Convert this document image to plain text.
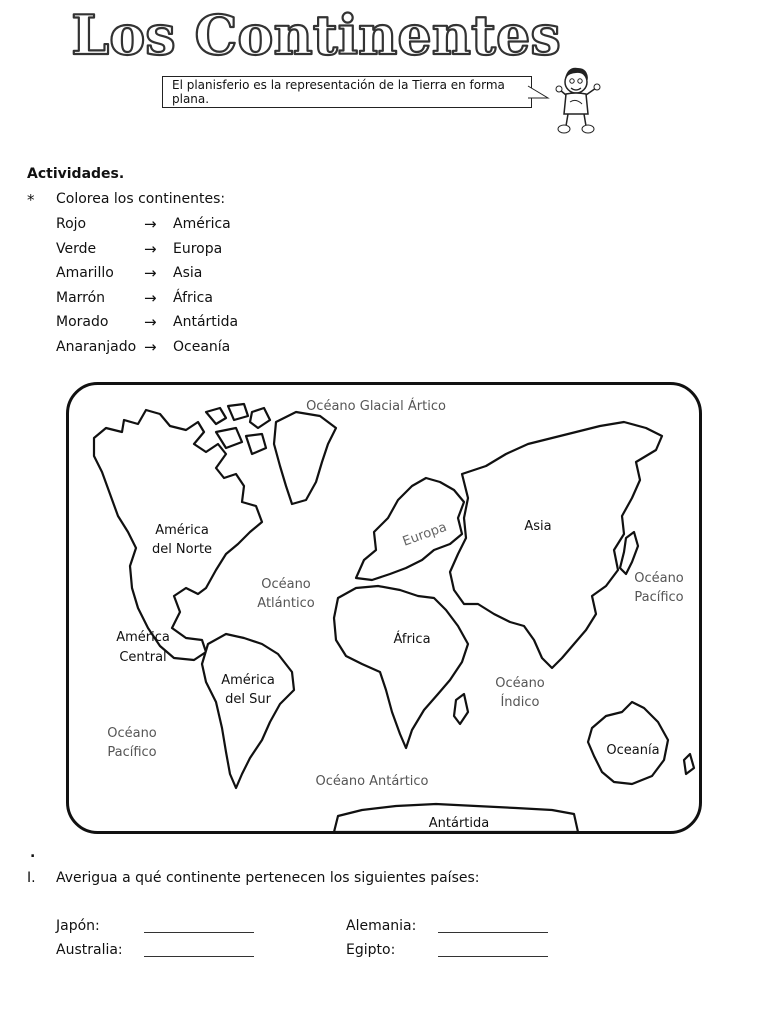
Los Continentes
El planisferio es la representación de la Tierra en forma plana.
Actividades.
* Colorea los continentes:
Rojo	→ América
Verde	→ Europa
Amarillo → Asia
Marrón	→ África
Morado → Antártida
Anaranjado → Oceanía
Océano Glacial Ártico
América
del Norte	Europa	Asia
Océano
Atlántico
Océano
Pacífico
América
Central
África
América
del Sur
Océano
Índico
Océano
Pacífico	Oceanía
Océano Antártico
Antártida
.
I. Averigua a qué continente pertenecen los siguientes países:
Japón:
Australia:
Alemania:
Egipto:
